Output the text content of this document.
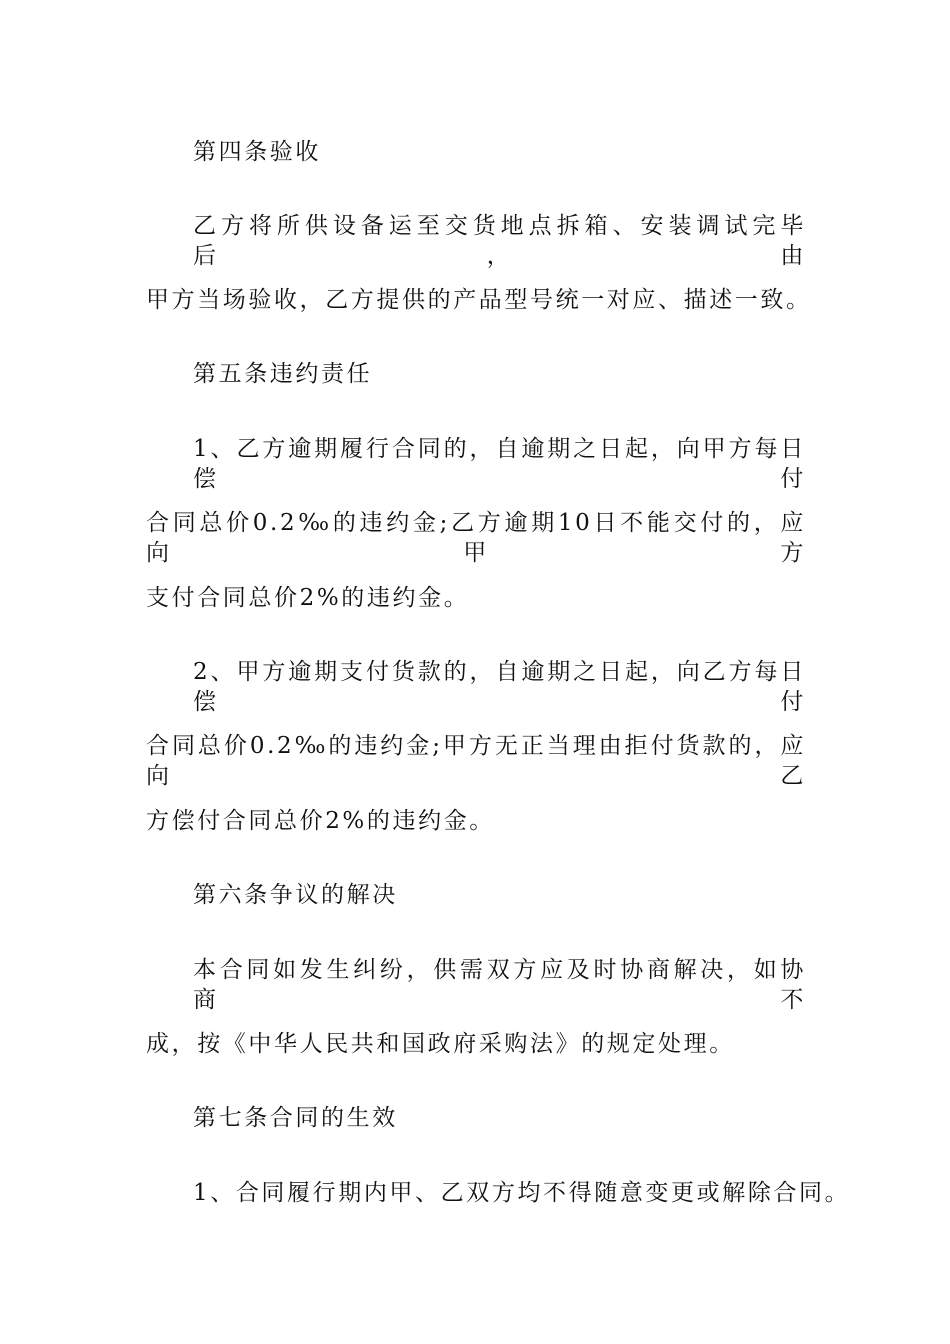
第四条验收
乙方将所供设备运至交货地点拆箱、安装调试完毕后，由
甲方当场验收，乙方提供的产品型号统一对应、描述一致。
第五条违约责任
1、乙方逾期履行合同的，自逾期之日起，向甲方每日偿付
合同总价0.2‰的违约金;乙方逾期10日不能交付的，应向甲方
支付合同总价2%的违约金。
2、甲方逾期支付货款的，自逾期之日起，向乙方每日偿付
合同总价0.2‰的违约金;甲方无正当理由拒付货款的，应向乙
方偿付合同总价2%的违约金。
第六条争议的解决
本合同如发生纠纷，供需双方应及时协商解决，如协商不
成，按《中华人民共和国政府采购法》的规定处理。
第七条合同的生效
1、合同履行期内甲、乙双方均不得随意变更或解除合同。
